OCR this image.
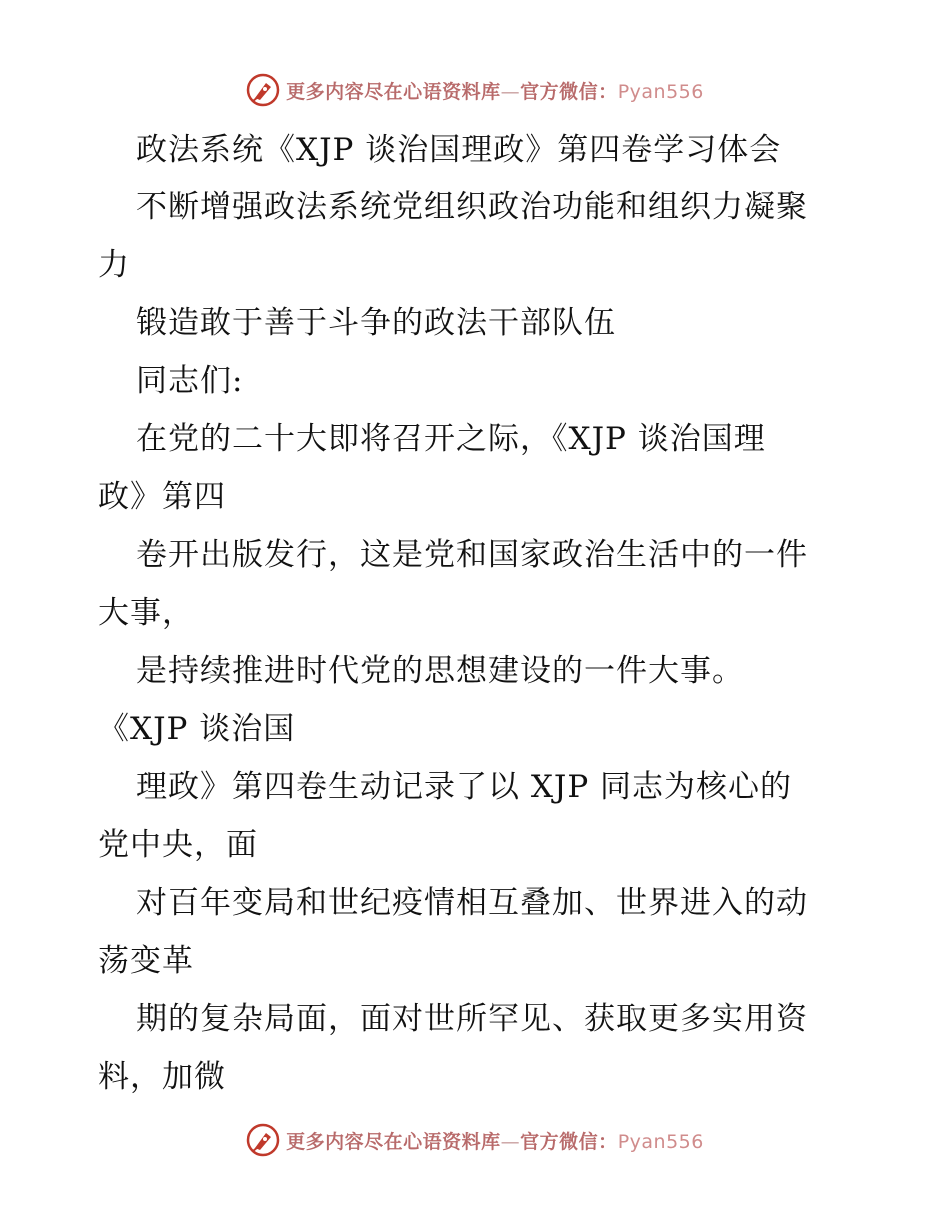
更多内容尽在心语资料库—官方微信：Pyan556
政法系统《XJP 谈治国理政》第四卷学习体会
不断增强政法系统党组织政治功能和组织力凝聚
力
锻造敢于善于斗争的政法干部队伍
同志们:
在党的二十大即将召开之际，《XJP 谈治国理
政》第四
卷开出版发行，这是党和国家政治生活中的一件
大事，
是持续推进时代党的思想建设的一件大事。
《XJP 谈治国
理政》第四卷生动记录了以 XJP 同志为核心的
党中央，面
对百年变局和世纪疫情相互叠加、世界进入的动
荡变革
期的复杂局面，面对世所罕见、获取更多实用资
料，加微
更多内容尽在心语资料库—官方微信：Pyan556
